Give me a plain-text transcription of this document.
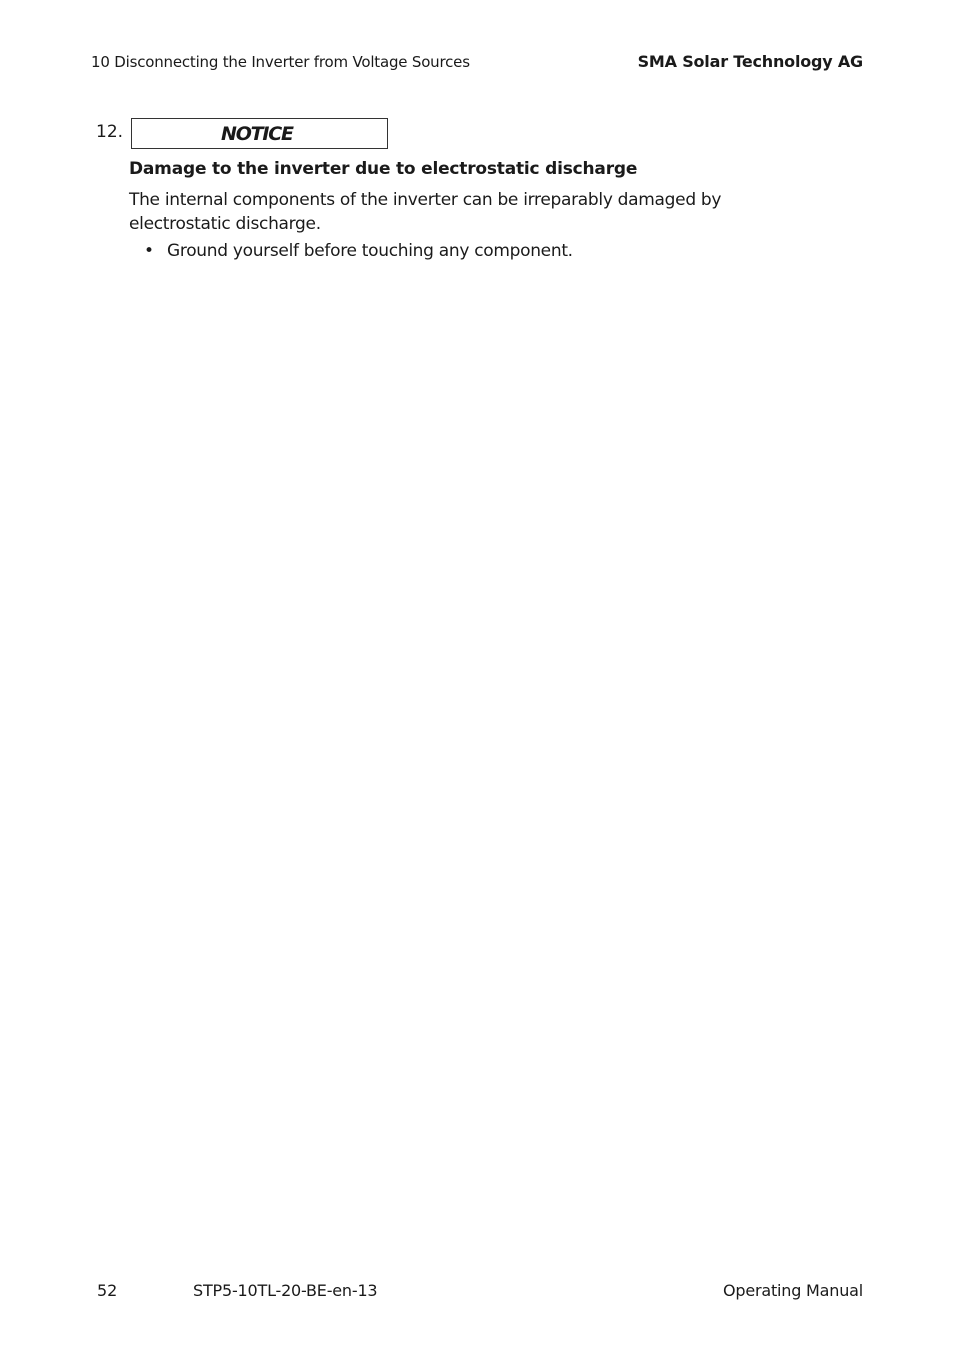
10 Disconnecting the Inverter from Voltage Sources	SMA Solar Technology AG
12.	NOTICE
Damage to the inverter due to electrostatic discharge

The internal components of the inverter can be irreparably damaged by electrostatic discharge.

• Ground yourself before touching any component.
52	STP5-10TL-20-BE-en-13	Operating Manual
